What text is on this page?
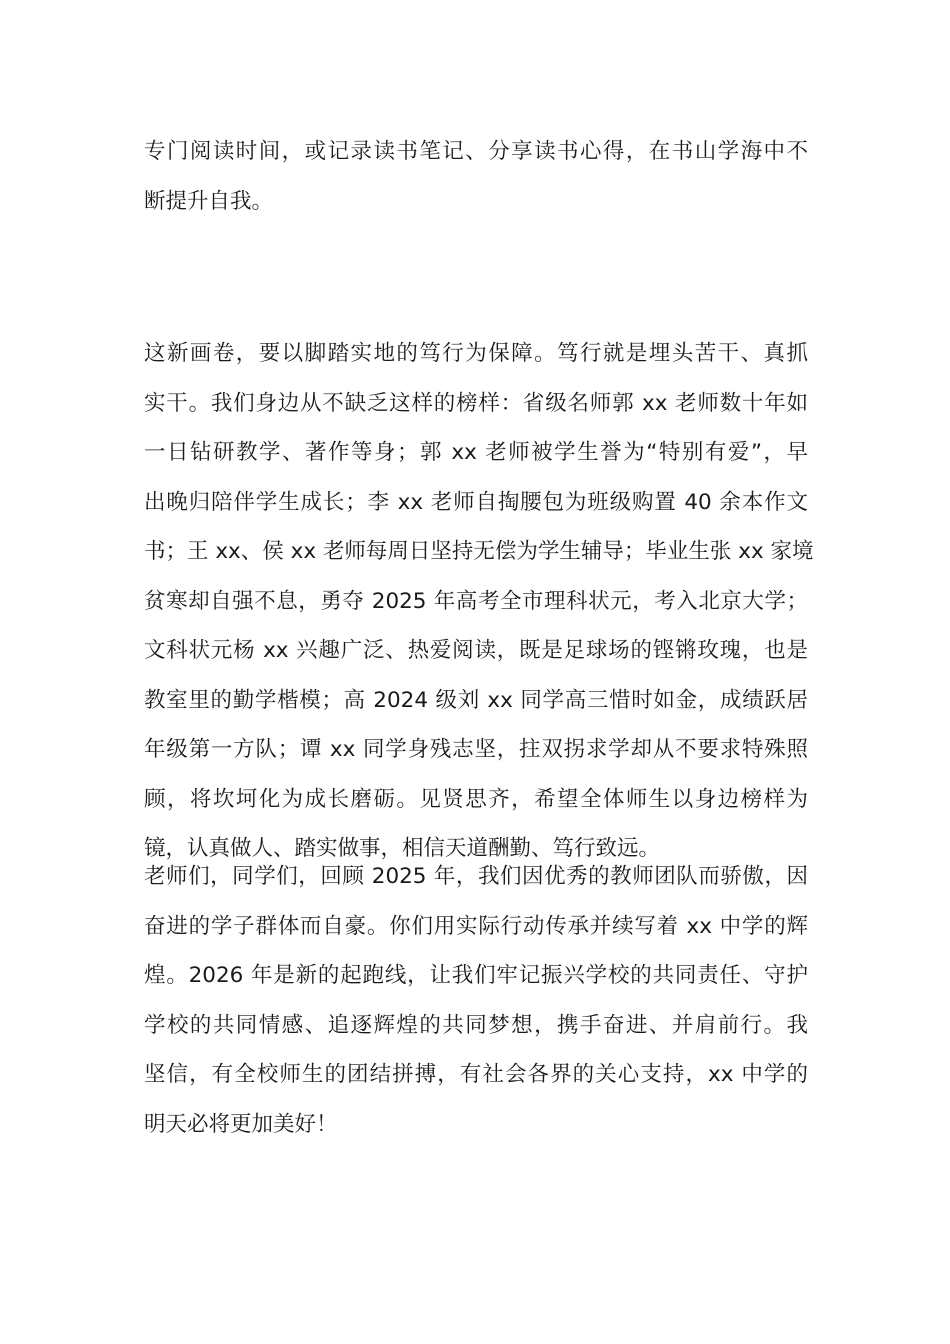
专门阅读时间，或记录读书笔记、分享读书心得，在书山学海中不
断提升自我。
这新画卷，要以脚踏实地的笃行为保障。笃行就是埋头苦干、真抓
实干。我们身边从不缺乏这样的榜样：省级名师郭 xx 老师数十年如
一日钻研教学、著作等身；郭 xx 老师被学生誉为“特别有爱”，早
出晚归陪伴学生成长；李 xx 老师自掏腰包为班级购置 40 余本作文
书；王 xx、侯 xx 老师每周日坚持无偿为学生辅导；毕业生张 xx 家境
贫寒却自强不息，勇夺 2025 年高考全市理科状元，考入北京大学；
文科状元杨 xx 兴趣广泛、热爱阅读，既是足球场的铿锵玫瑰，也是
教室里的勤学楷模；高 2024 级刘 xx 同学高三惜时如金，成绩跃居
年级第一方队；谭 xx 同学身残志坚，拄双拐求学却从不要求特殊照
顾，将坎坷化为成长磨砺。见贤思齐，希望全体师生以身边榜样为
镜，认真做人、踏实做事，相信天道酬勤、笃行致远。
老师们，同学们，回顾 2025 年，我们因优秀的教师团队而骄傲，因
奋进的学子群体而自豪。你们用实际行动传承并续写着 xx 中学的辉
煌。2026 年是新的起跑线，让我们牢记振兴学校的共同责任、守护
学校的共同情感、追逐辉煌的共同梦想，携手奋进、并肩前行。我
坚信，有全校师生的团结拼搏，有社会各界的关心支持，xx 中学的
明天必将更加美好！
